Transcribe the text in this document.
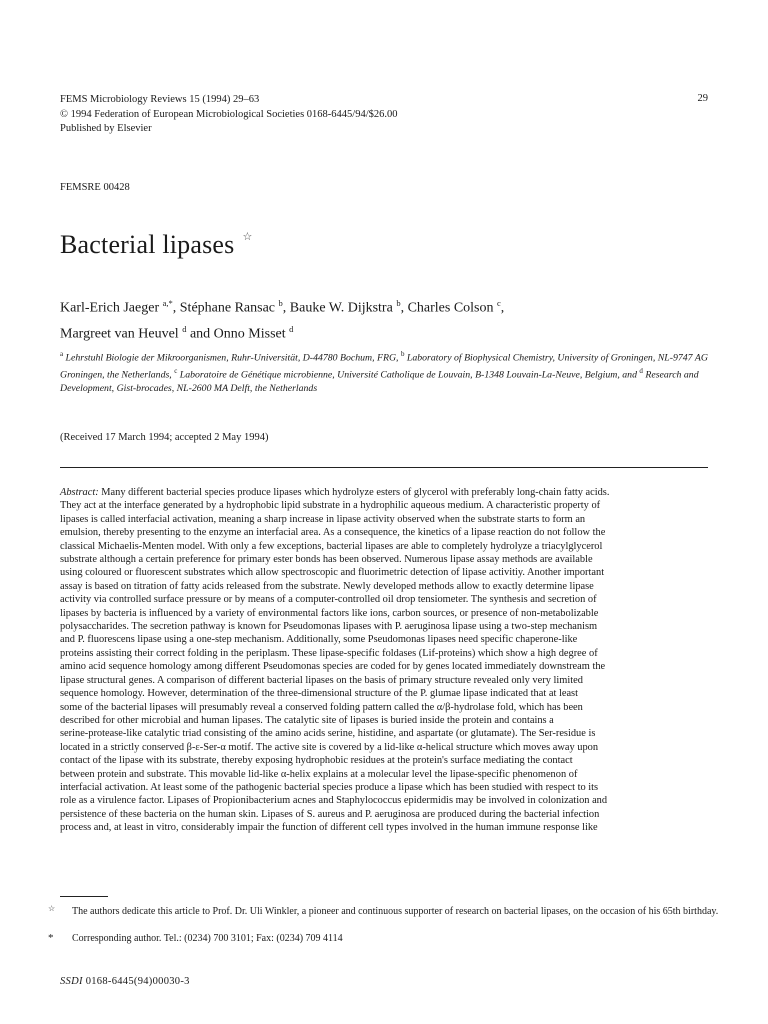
FEMS Microbiology Reviews 15 (1994) 29–63
© 1994 Federation of European Microbiological Societies 0168-6445/94/$26.00
Published by Elsevier
29
FEMSRE 00428
Bacterial lipases ☆
Karl-Erich Jaeger $^{a,*}$, Stéphane Ransac $^b$, Bauke W. Dijkstra $^b$, Charles Colson $^c$,
Margreet van Heuvel $^d$ and Onno Misset $^d$
$^a$ Lehrstuhl Biologie der Mikroorganismen, Ruhr-Universität, D-44780 Bochum, FRG, $^b$ Laboratory of Biophysical Chemistry, University of Groningen, NL-9747 AG Groningen, the Netherlands, $^c$ Laboratoire de Génétique microbienne, Université Catholique de Louvain, B-1348 Louvain-La-Neuve, Belgium, and $^d$ Research and Development, Gist-brocades, NL-2600 MA Delft, the Netherlands
(Received 17 March 1994; accepted 2 May 1994)
Abstract: Many different bacterial species produce lipases which hydrolyze esters of glycerol with preferably long-chain fatty acids.
They act at the interface generated by a hydrophobic lipid substrate in a hydrophilic aqueous medium. A characteristic property of
lipases is called interfacial activation, meaning a sharp increase in lipase activity observed when the substrate starts to form an
emulsion, thereby presenting to the enzyme an interfacial area. As a consequence, the kinetics of a lipase reaction do not follow the
classical Michaelis-Menten model. With only a few exceptions, bacterial lipases are able to completely hydrolyze a triacylglycerol
substrate although a certain preference for primary ester bonds has been observed. Numerous lipase assay methods are available
using coloured or fluorescent substrates which allow spectroscopic and fluorimetric detection of lipase activitiy. Another important
assay is based on titration of fatty acids released from the substrate. Newly developed methods allow to exactly determine lipase
activity via controlled surface pressure or by means of a computer-controlled oil drop tensiometer. The synthesis and secretion of
lipases by bacteria is influenced by a variety of environmental factors like ions, carbon sources, or presence of non-metabolizable
polysaccharides. The secretion pathway is known for Pseudomonas lipases with P. aeruginosa lipase using a two-step mechanism
and P. fluorescens lipase using a one-step mechanism. Additionally, some Pseudomonas lipases need specific chaperone-like
proteins assisting their correct folding in the periplasm. These lipase-specific foldases (Lif-proteins) which show a high degree of
amino acid sequence homology among different Pseudomonas species are coded for by genes located immediately downstream the
lipase structural genes. A comparison of different bacterial lipases on the basis of primary structure revealed only very limited
sequence homology. However, determination of the three-dimensional structure of the P. glumae lipase indicated that at least
some of the bacterial lipases will presumably reveal a conserved folding pattern called the α/β-hydrolase fold, which has been
described for other microbial and human lipases. The catalytic site of lipases is buried inside the protein and contains a
serine-protease-like catalytic triad consisting of the amino acids serine, histidine, and aspartate (or glutamate). The Ser-residue is
located in a strictly conserved β-ε-Ser-α motif. The active site is covered by a lid-like α-helical structure which moves away upon
contact of the lipase with its substrate, thereby exposing hydrophobic residues at the protein's surface mediating the contact
between protein and substrate. This movable lid-like α-helix explains at a molecular level the lipase-specific phenomenon of
interfacial activation. At least some of the pathogenic bacterial species produce a lipase which has been studied with respect to its
role as a virulence factor. Lipases of Propionibacterium acnes and Staphylococcus epidermidis may be involved in colonization and
persistence of these bacteria on the human skin. Lipases of S. aureus and P. aeruginosa are produced during the bacterial infection
process and, at least in vitro, considerably impair the function of different cell types involved in the human immune response like
☆ The authors dedicate this article to Prof. Dr. Uli Winkler, a pioneer and continuous supporter of research on bacterial lipases, on the occasion of his 65th birthday.
* Corresponding author. Tel.: (0234) 700 3101; Fax: (0234) 709 4114
SSDI 0168-6445(94)00030-3
